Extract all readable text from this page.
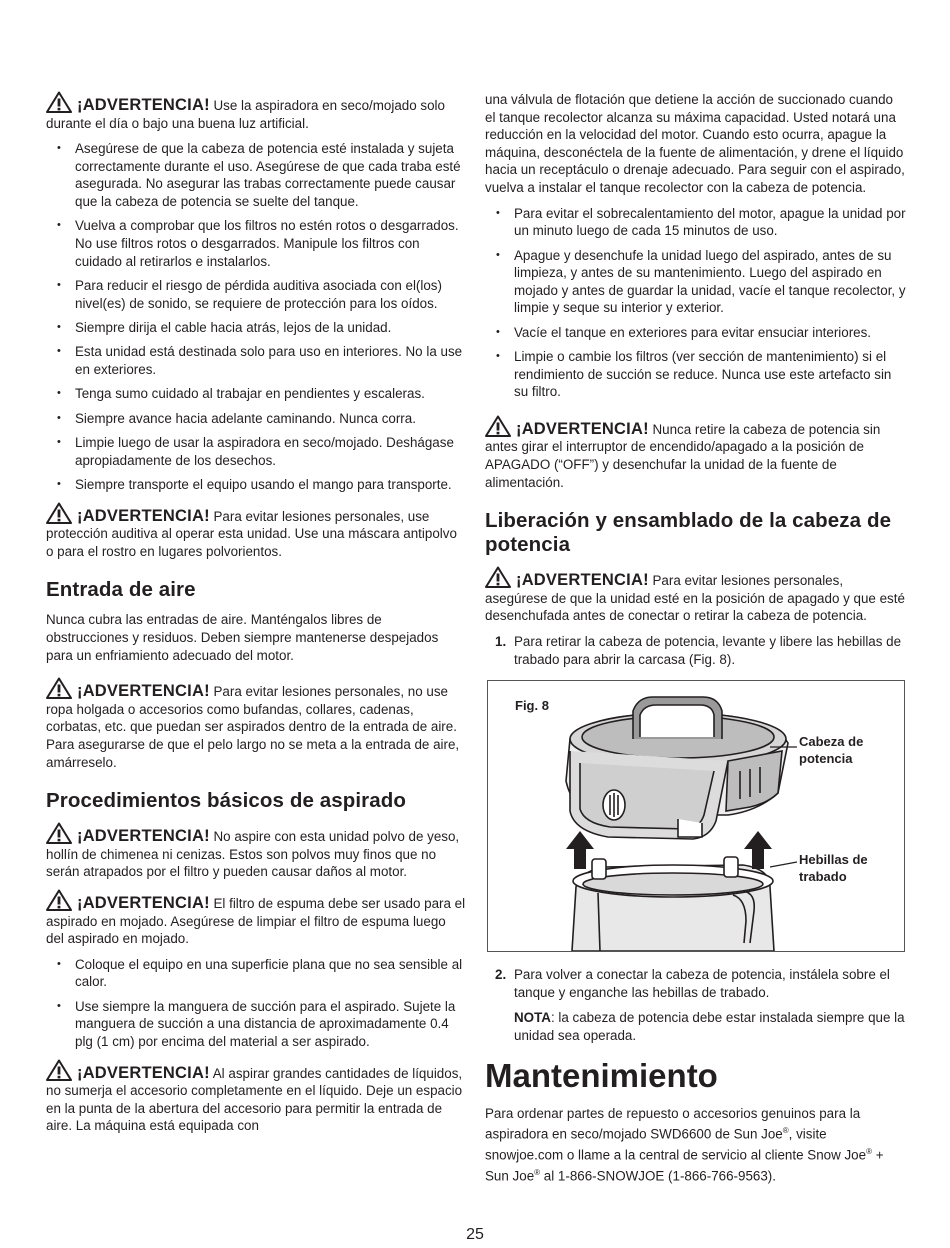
¡ADVERTENCIA! Use la aspiradora en seco/mojado solo durante el día o bajo una buena luz artificial.

• Asegúrese de que la cabeza de potencia esté instalada y sujeta correctamente durante el uso. Asegúrese de que cada traba esté asegurada. No asegurar las trabas correctamente puede causar que la cabeza de potencia se suelte del tanque.
• Vuelva a comprobar que los filtros no estén rotos o desgarrados. No use filtros rotos o desgarrados. Manipule los filtros con cuidado al retirarlos e instalarlos.
• Para reducir el riesgo de pérdida auditiva asociada con el(los) nivel(es) de sonido, se requiere de protección para los oídos.
• Siempre dirija el cable hacia atrás, lejos de la unidad.
• Esta unidad está destinada solo para uso en interiores. No la use en exteriores.
• Tenga sumo cuidado al trabajar en pendientes y escaleras.
• Siempre avance hacia adelante caminando. Nunca corra.
• Limpie luego de usar la aspiradora en seco/mojado. Deshágase apropiadamente de los desechos.
• Siempre transporte el equipo usando el mango para transporte.

¡ADVERTENCIA! Para evitar lesiones personales, use protección auditiva al operar esta unidad. Use una máscara antipolvo o para el rostro en lugares polvorientos.

Entrada de aire

Nunca cubra las entradas de aire. Manténgalos libres de obstrucciones y residuos. Deben siempre mantenerse despejados para un enfriamiento adecuado del motor.

¡ADVERTENCIA! Para evitar lesiones personales, no use ropa holgada o accesorios como bufandas, collares, cadenas, corbatas, etc. que puedan ser aspirados dentro de la entrada de aire. Para asegurarse de que el pelo largo no se meta a la entrada de aire, amárreselo.

Procedimientos básicos de aspirado

¡ADVERTENCIA! No aspire con esta unidad polvo de yeso, hollín de chimenea ni cenizas. Estos son polvos muy finos que no serán atrapados por el filtro y pueden causar daños al motor.

¡ADVERTENCIA! El filtro de espuma debe ser usado para el aspirado en mojado. Asegúrese de limpiar el filtro de espuma luego del aspirado en mojado.

• Coloque el equipo en una superficie plana que no sea sensible al calor.
• Use siempre la manguera de succión para el aspirado. Sujete la manguera de succión a una distancia de aproximadamente 0.4 plg (1 cm) por encima del material a ser aspirado.

¡ADVERTENCIA! Al aspirar grandes cantidades de líquidos, no sumerja el accesorio completamente en el líquido. Deje un espacio en la punta de la abertura del accesorio para permitir la entrada de aire. La máquina está equipada con

una válvula de flotación que detiene la acción de succionado cuando el tanque recolector alcanza su máxima capacidad. Usted notará una reducción en la velocidad del motor. Cuando esto ocurra, apague la máquina, desconéctela de la fuente de alimentación, y drene el líquido hacia un receptáculo o drenaje adecuado. Para seguir con el aspirado, vuelva a instalar el tanque recolector con la cabeza de potencia.

• Para evitar el sobrecalentamiento del motor, apague la unidad por un minuto luego de cada 15 minutos de uso.
• Apague y desenchufe la unidad luego del aspirado, antes de su limpieza, y antes de su mantenimiento. Luego del aspirado en mojado y antes de guardar la unidad, vacíe el tanque recolector, y limpie y seque su interior y exterior.
• Vacíe el tanque en exteriores para evitar ensuciar interiores.
• Limpie o cambie los filtros (ver sección de mantenimiento) si el rendimiento de succión se reduce. Nunca use este artefacto sin su filtro.

¡ADVERTENCIA! Nunca retire la cabeza de potencia sin antes girar el interruptor de encendido/apagado a la posición de APAGADO (“OFF”) y desenchufar la unidad de la fuente de alimentación.

Liberación y ensamblado de la cabeza de potencia

¡ADVERTENCIA! Para evitar lesiones personales, asegúrese de que la unidad esté en la posición de apagado y que esté desenchufada antes de conectar o retirar la cabeza de potencia.

1. Para retirar la cabeza de potencia, levante y libere las hebillas de trabado para abrir la carcasa (Fig. 8).
Fig. 8
Cabeza de potencia
Hebillas de trabado
2. Para volver a conectar la cabeza de potencia, instálela sobre el tanque y enganche las hebillas de trabado.

NOTA: la cabeza de potencia debe estar instalada siempre que la unidad sea operada.

Mantenimiento

Para ordenar partes de repuesto o accesorios genuinos para la aspiradora en seco/mojado SWD6600 de Sun Joe®, visite snowjoe.com o llame a la central de servicio al cliente Snow Joe® + Sun Joe® al 1-866-SNOWJOE (1-866-766-9563).

25
